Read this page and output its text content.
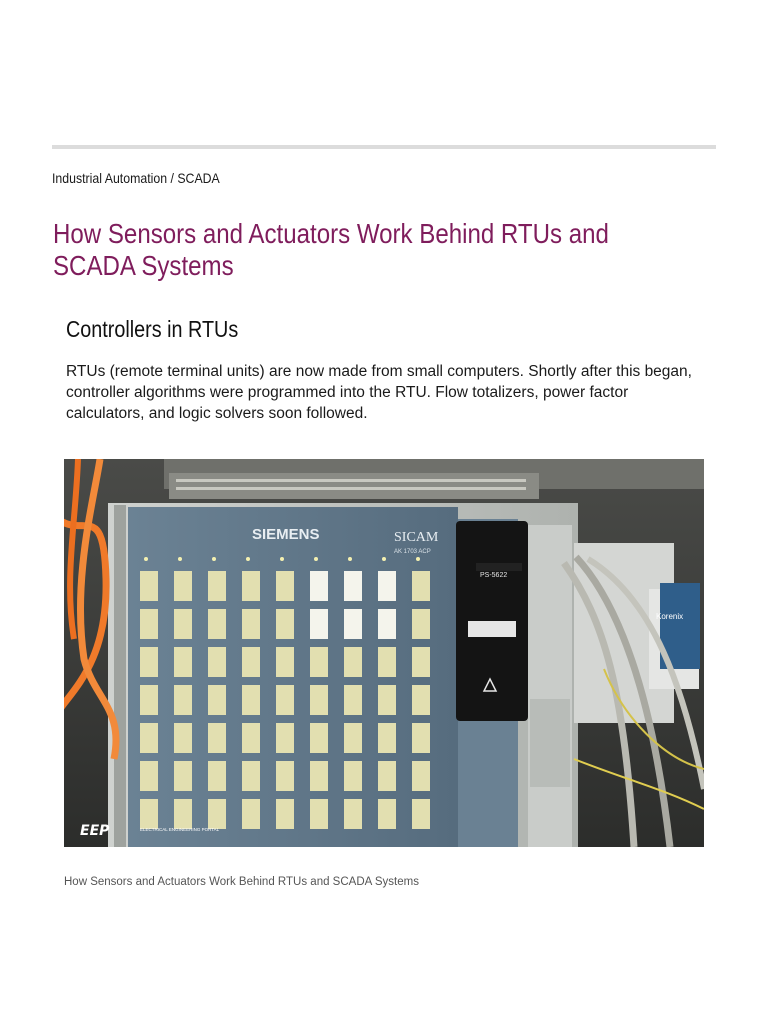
Industrial Automation / SCADA
How Sensors and Actuators Work Behind RTUs and SCADA Systems
Controllers in RTUs

RTUs (remote terminal units) are now made from small computers. Shortly after this began, controller algorithms were programmed into the RTU. Flow totalizers, power factor calculators, and logic solvers soon followed.

SIEMENS	SICAM
AK 1703 ACP
PS-5622
Korenix
EEP	ELECTRICAL ENGINEERING PORTAL
How Sensors and Actuators Work Behind RTUs and SCADA Systems
